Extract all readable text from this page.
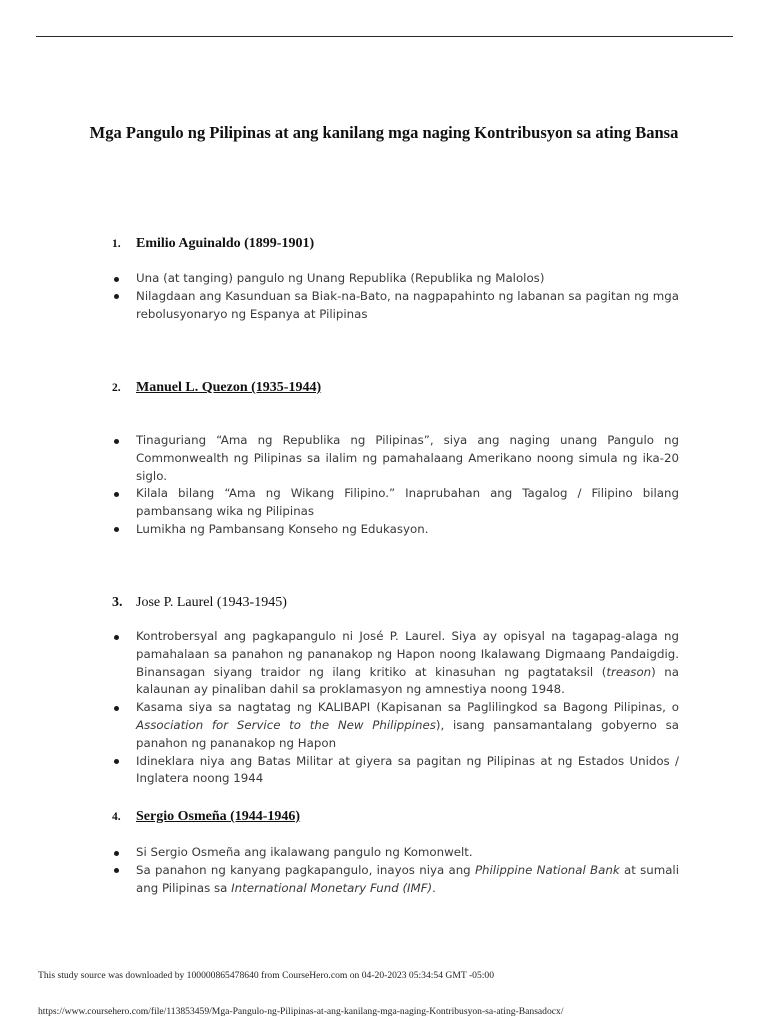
Mga Pangulo ng Pilipinas at ang kanilang mga naging Kontribusyon sa ating Bansa
1. Emilio Aguinaldo (1899-1901)
Una (at tanging) pangulo ng Unang Republika (Republika ng Malolos)
Nilagdaan ang Kasunduan sa Biak-na-Bato, na nagpapahinto ng labanan sa pagitan ng mga rebolusyonaryo ng Espanya at Pilipinas
2. Manuel L. Quezon (1935-1944)
Tinaguriang “Ama ng Republika ng Pilipinas”, siya ang naging unang Pangulo ng Commonwealth ng Pilipinas sa ilalim ng pamahalaang Amerikano noong simula ng ika-20 siglo.
Kilala bilang “Ama ng Wikang Filipino.” Inaprubahan ang Tagalog / Filipino bilang pambansang wika ng Pilipinas
Lumikha ng Pambansang Konseho ng Edukasyon.
3. Jose P. Laurel (1943-1945)
Kontrobersyal ang pagkapangulo ni José P. Laurel. Siya ay opisyal na tagapag-alaga ng pamahalaan sa panahon ng pananakop ng Hapon noong Ikalawang Digmaang Pandaigdig. Binansagan siyang traidor ng ilang kritiko at kinasuhan ng pagtataksil (treason) na kalaunan ay pinaliban dahil sa proklamasyon ng amnestiya noong 1948.
Kasama siya sa nagtatag ng KALIBAPI (Kapisanan sa Paglilingkod sa Bagong Pilipinas, o Association for Service to the New Philippines), isang pansamantalang gobyerno sa panahon ng pananakop ng Hapon
Idineklara niya ang Batas Militar at giyera sa pagitan ng Pilipinas at ng Estados Unidos / Inglatera noong 1944
4. Sergio Osmeña (1944-1946)
Si Sergio Osmeña ang ikalawang pangulo ng Komonwelt.
Sa panahon ng kanyang pagkapangulo, inayos niya ang Philippine National Bank at sumali ang Pilipinas sa International Monetary Fund (IMF).
This study source was downloaded by 100000865478640 from CourseHero.com on 04-20-2023 05:34:54 GMT -05:00
https://www.coursehero.com/file/113853459/Mga-Pangulo-ng-Pilipinas-at-ang-kanilang-mga-naging-Kontribusyon-sa-ating-Bansadocx/
